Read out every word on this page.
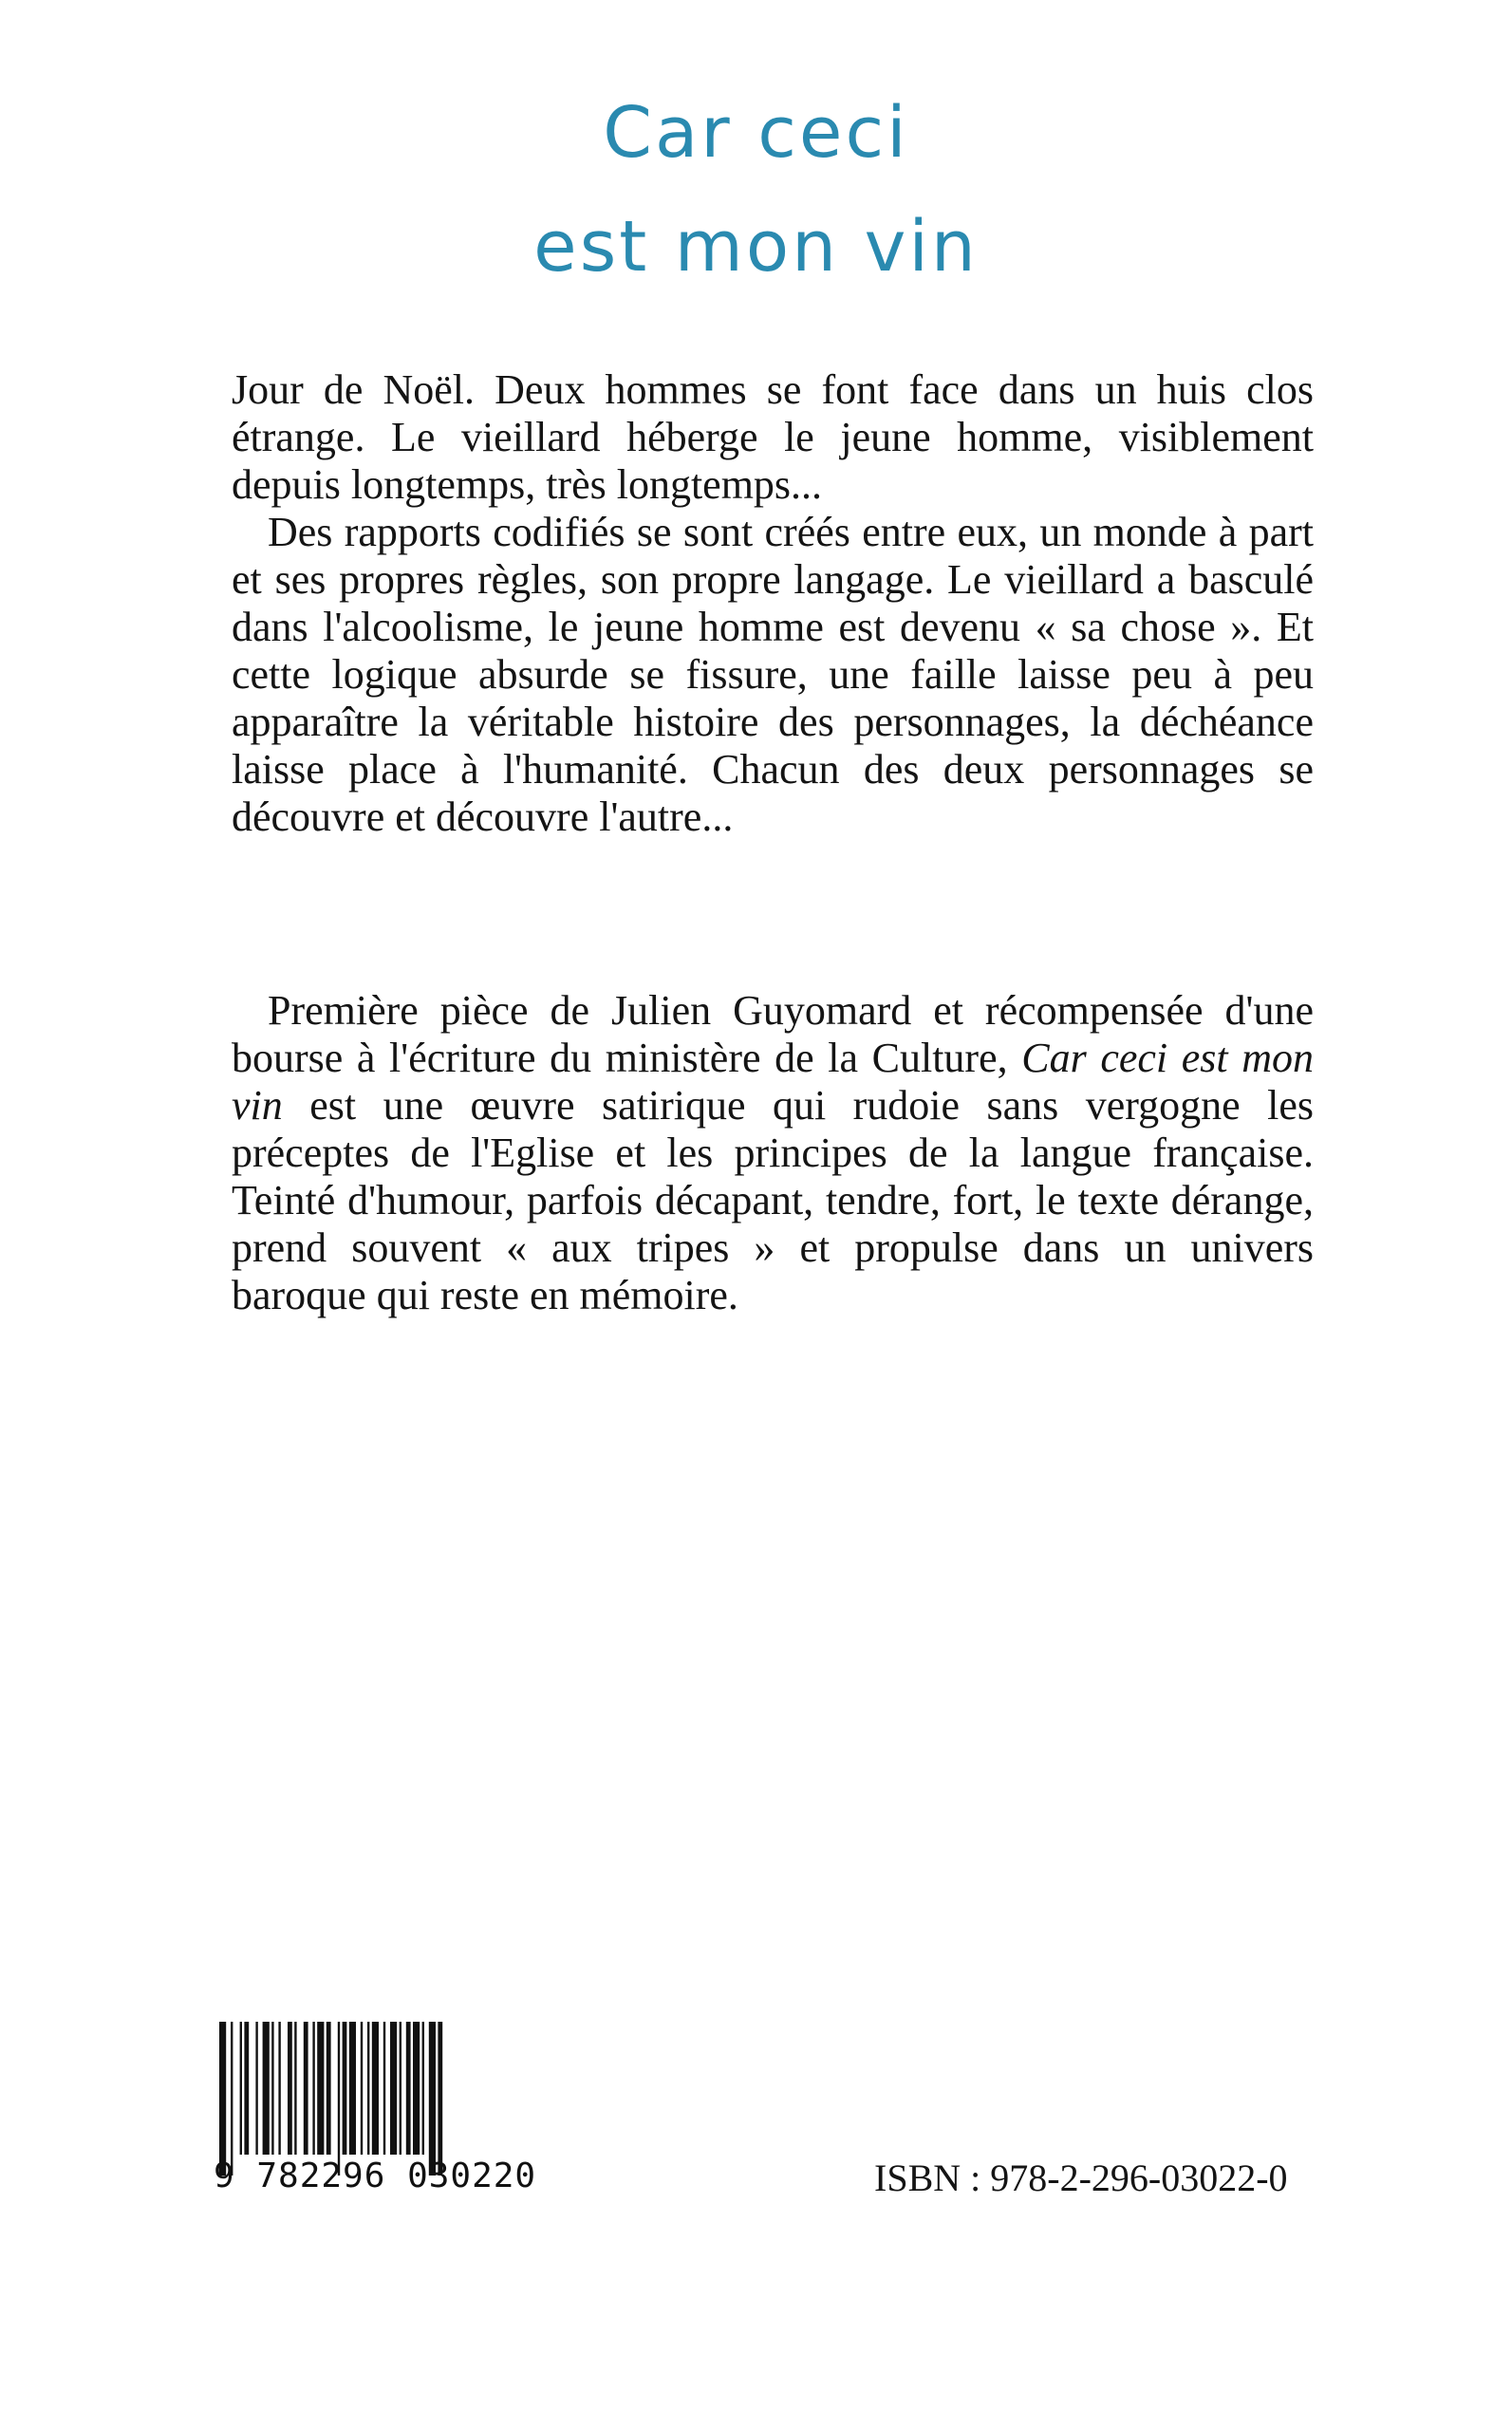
Car ceci
est mon vin

Jour de Noël. Deux hommes se font face dans un huis clos étrange. Le vieillard héberge le jeune homme, visiblement depuis longtemps, très longtemps...

Des rapports codifiés se sont créés entre eux, un monde à part et ses propres règles, son propre langage. Le vieillard a basculé dans l'alcoolisme, le jeune homme est devenu « sa chose ». Et cette logique absurde se fissure, une faille laisse peu à peu apparaître la véritable histoire des personnages, la déchéance laisse place à l'humanité. Chacun des deux personnages se découvre et découvre l'autre...

Première pièce de Julien Guyomard et récompensée d'une bourse à l'écriture du ministère de la Culture, Car ceci est mon vin est une œuvre satirique qui rudoie sans vergogne les préceptes de l'Eglise et les principes de la langue française. Teinté d'humour, parfois décapant, tendre, fort, le texte dérange, prend souvent « aux tripes » et propulse dans un univers baroque qui reste en mémoire.

9 782296 030220	ISBN : 978-2-296-03022-0
